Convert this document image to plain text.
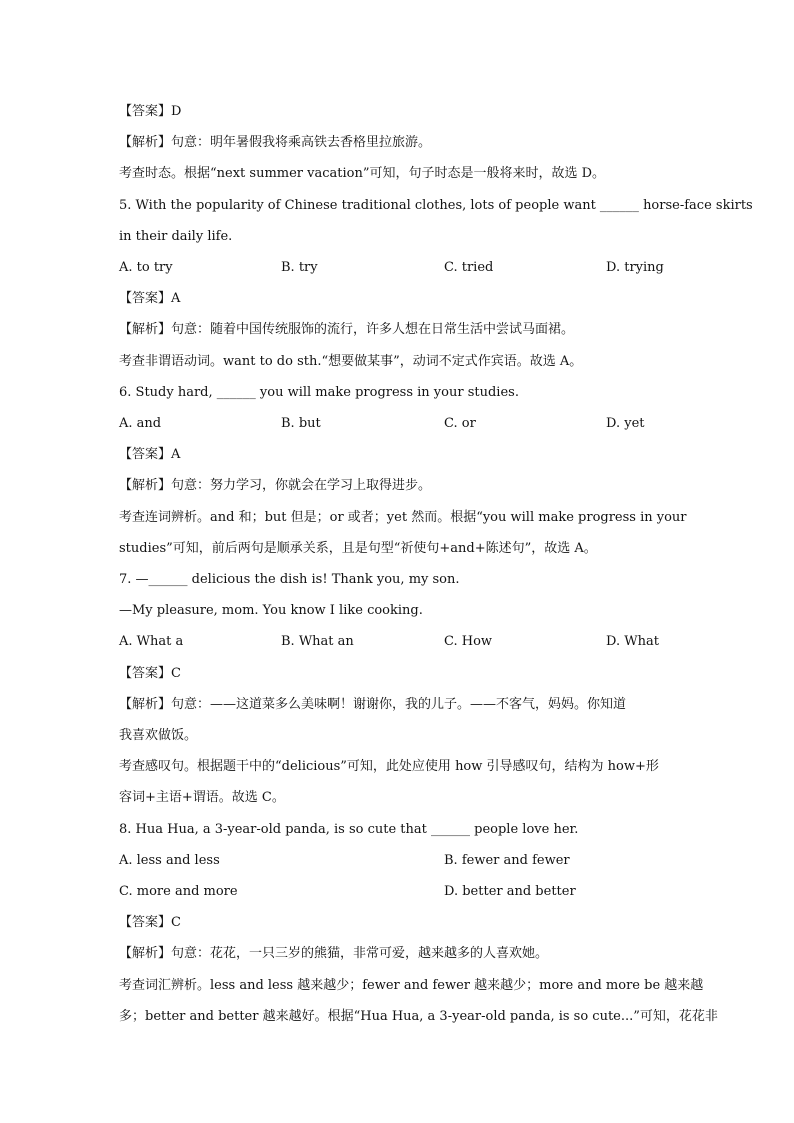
【答案】D
【解析】句意：明年暑假我将乘高铁去香格里拉旅游。
考查时态。根据“next summer vacation”可知，句子时态是一般将来时，故选 D。
5. With the popularity of Chinese traditional clothes, lots of people want ______ horse-face skirts
in their daily life.
A. to try	B. try	C. tried	D. trying
【答案】A
【解析】句意：随着中国传统服饰的流行，许多人想在日常生活中尝试马面裙。
考查非谓语动词。want to do sth.“想要做某事”，动词不定式作宾语。故选 A。
6. Study hard, ______ you will make progress in your studies.
A. and	B. but	C. or	D. yet
【答案】A
【解析】句意：努力学习，你就会在学习上取得进步。
考查连词辨析。and 和；but 但是；or 或者；yet 然而。根据“you will make progress in your
studies”可知，前后两句是顺承关系，且是句型“祈使句+and+陈述句”，故选 A。
7. —______ delicious the dish is! Thank you, my son.
—My pleasure, mom. You know I like cooking.
A. What a	B. What an	C. How	D. What
【答案】C
【解析】句意：——这道菜多么美味啊！谢谢你，我的儿子。——不客气，妈妈。你知道
我喜欢做饭。
考查感叹句。根据题干中的“delicious”可知，此处应使用 how 引导感叹句，结构为 how+形
容词+主语+谓语。故选 C。
8. Hua Hua, a 3-year-old panda, is so cute that ______ people love her.
A. less and less	B. fewer and fewer
C. more and more	D. better and better
【答案】C
【解析】句意：花花，一只三岁的熊猫，非常可爱，越来越多的人喜欢她。
考查词汇辨析。less and less 越来越少；fewer and fewer 越来越少；more and more be 越来越
多；better and better 越来越好。根据“Hua Hua, a 3-year-old panda, is so cute...”可知，花花非
